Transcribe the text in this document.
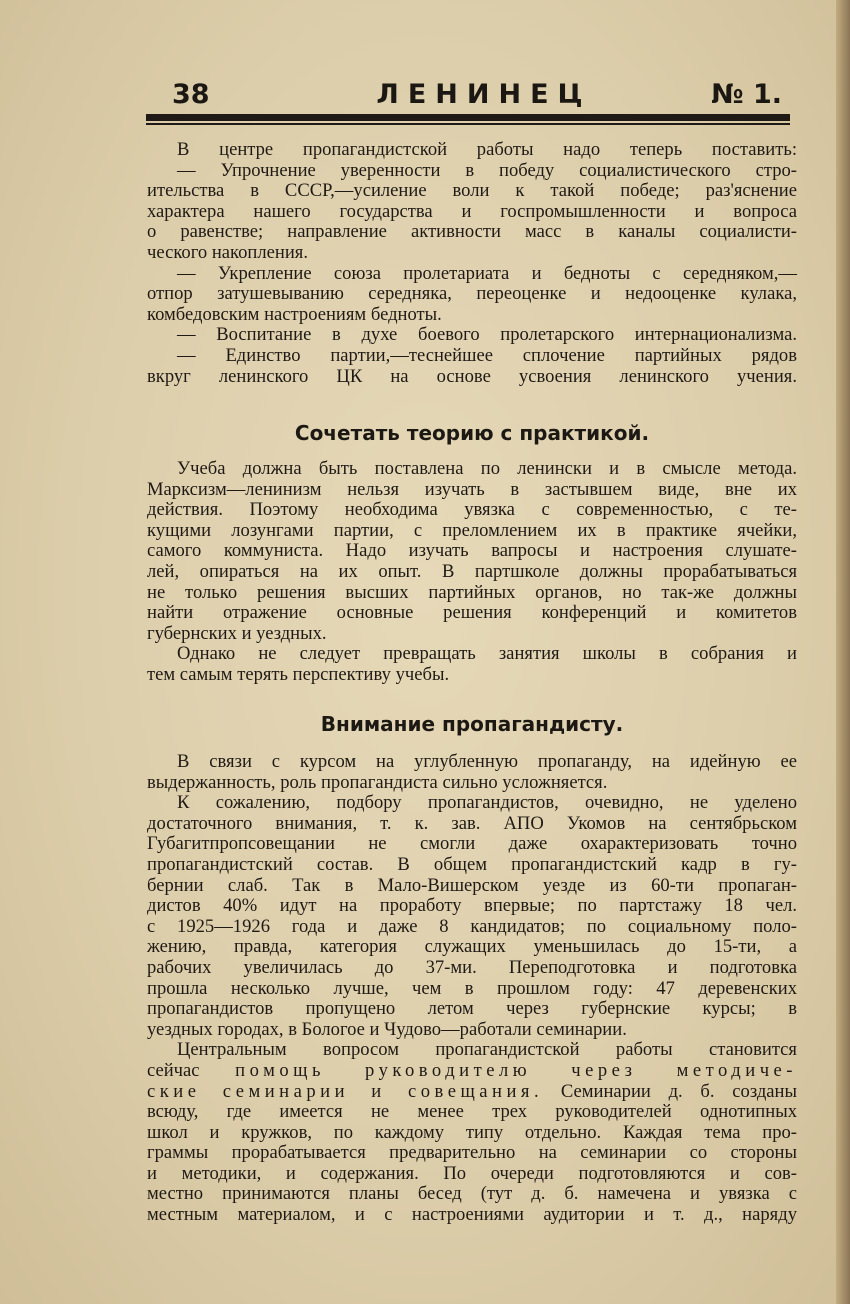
38	ЛЕНИНЕЦ	№ 1.
В центре пропагандистской работы надо теперь поставить:
— Упрочнение уверенности в победу социалистического стро-
ительства в СССР,—усиление воли к такой победе; раз'яснение
характера нашего государства и госпромышленности и вопроса
о равенстве; направление активности масс в каналы социалисти-
ческого накопления.
— Укрепление союза пролетариата и бедноты с середняком,—
отпор затушевыванию середняка, переоценке и недооценке кулака,
комбедовским настроениям бедноты.
— Воспитание в духе боевого пролетарского интернационализма.
— Единство партии,—теснейшее сплочение партийных рядов
вкруг ленинского ЦК на основе усвоения ленинского учения.
Сочетать теорию с практикой.
Учеба должна быть поставлена по ленински и в смысле метода.
Марксизм—ленинизм нельзя изучать в застывшем виде, вне их
действия. Поэтому необходима увязка с современностью, с те-
кущими лозунгами партии, с преломлением их в практике ячейки,
самого коммуниста. Надо изучать вапросы и настроения слушате-
лей, опираться на их опыт. В партшколе должны прорабатываться
не только решения высших партийных органов, но так-же должны
найти отражение основные решения конференций и комитетов
губернских и уездных.
Однако не следует превращать занятия школы в собрания и
тем самым терять перспективу учебы.
Внимание пропагандисту.
В связи с курсом на углубленную пропаганду, на идейную ее
выдержанность, роль пропагандиста сильно усложняется.
К сожалению, подбору пропагандистов, очевидно, не уделено
достаточного внимания, т. к. зав. АПО Укомов на сентябрьском
Губагитпропсовещании не смогли даже охарактеризовать точно
пропагандистский состав. В общем пропагандистский кадр в гу-
бернии слаб. Так в Мало-Вишерском уезде из 60-ти пропаган-
дистов 40% идут на проработу впервые; по партстажу 18 чел.
с 1925—1926 года и даже 8 кандидатов; по социальному поло-
жению, правда, категория служащих уменьшилась до 15-ти, а
рабочих увеличилась до 37-ми. Переподготовка и подготовка
прошла несколько лучше, чем в прошлом году: 47 деревенских
пропагандистов пропущено летом через губернские курсы; в
уездных городах, в Бологое и Чудово—работали семинарии.
Центральным вопросом пропагандистской работы становится
сейчас помощь руководителю через методиче-
ские семинарии и совещания. Семинарии д. б. созданы
всюду, где имеется не менее трех руководителей однотипных
школ и кружков, по каждому типу отдельно. Каждая тема про-
граммы прорабатывается предварительно на семинарии со стороны
и методики, и содержания. По очереди подготовляются и сов-
местно принимаются планы бесед (тут д. б. намечена и увязка с
местным материалом, и с настроениями аудитории и т. д., наряду
